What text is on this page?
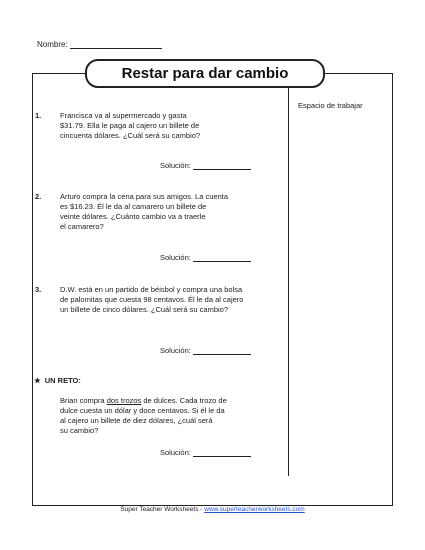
Nombre:
Restar para dar cambio
Espacio de trabajar
1. Francisca va al supermercado y gasta
$31.79. Ella le paga al cajero un billete de
cincuenta dólares. ¿Cuál será su cambio?
Solución:
2. Arturo compra la cena para sus amigos. La cuenta
es $16.23. Él le da al camarero un billete de
veinte dólares. ¿Cuánto cambio va a traerle
el camarero?
Solución:
3. D.W. está en un partido de béisbol y compra una bolsa
de palomitas que cuesta 98 centavos. Él le da al cajero
un billete de cinco dólares. ¿Cuál será su cambio?
Solución:
★ UN RETO:
Brian compra dos trozos de dulces. Cada trozo de
dulce cuesta un dólar y doce centavos. Si él le da
al cajero un billete de diez dólares, ¿cuál será
su cambio?
Solución:
Super Teacher Worksheets - www.superteacherworksheets.com
